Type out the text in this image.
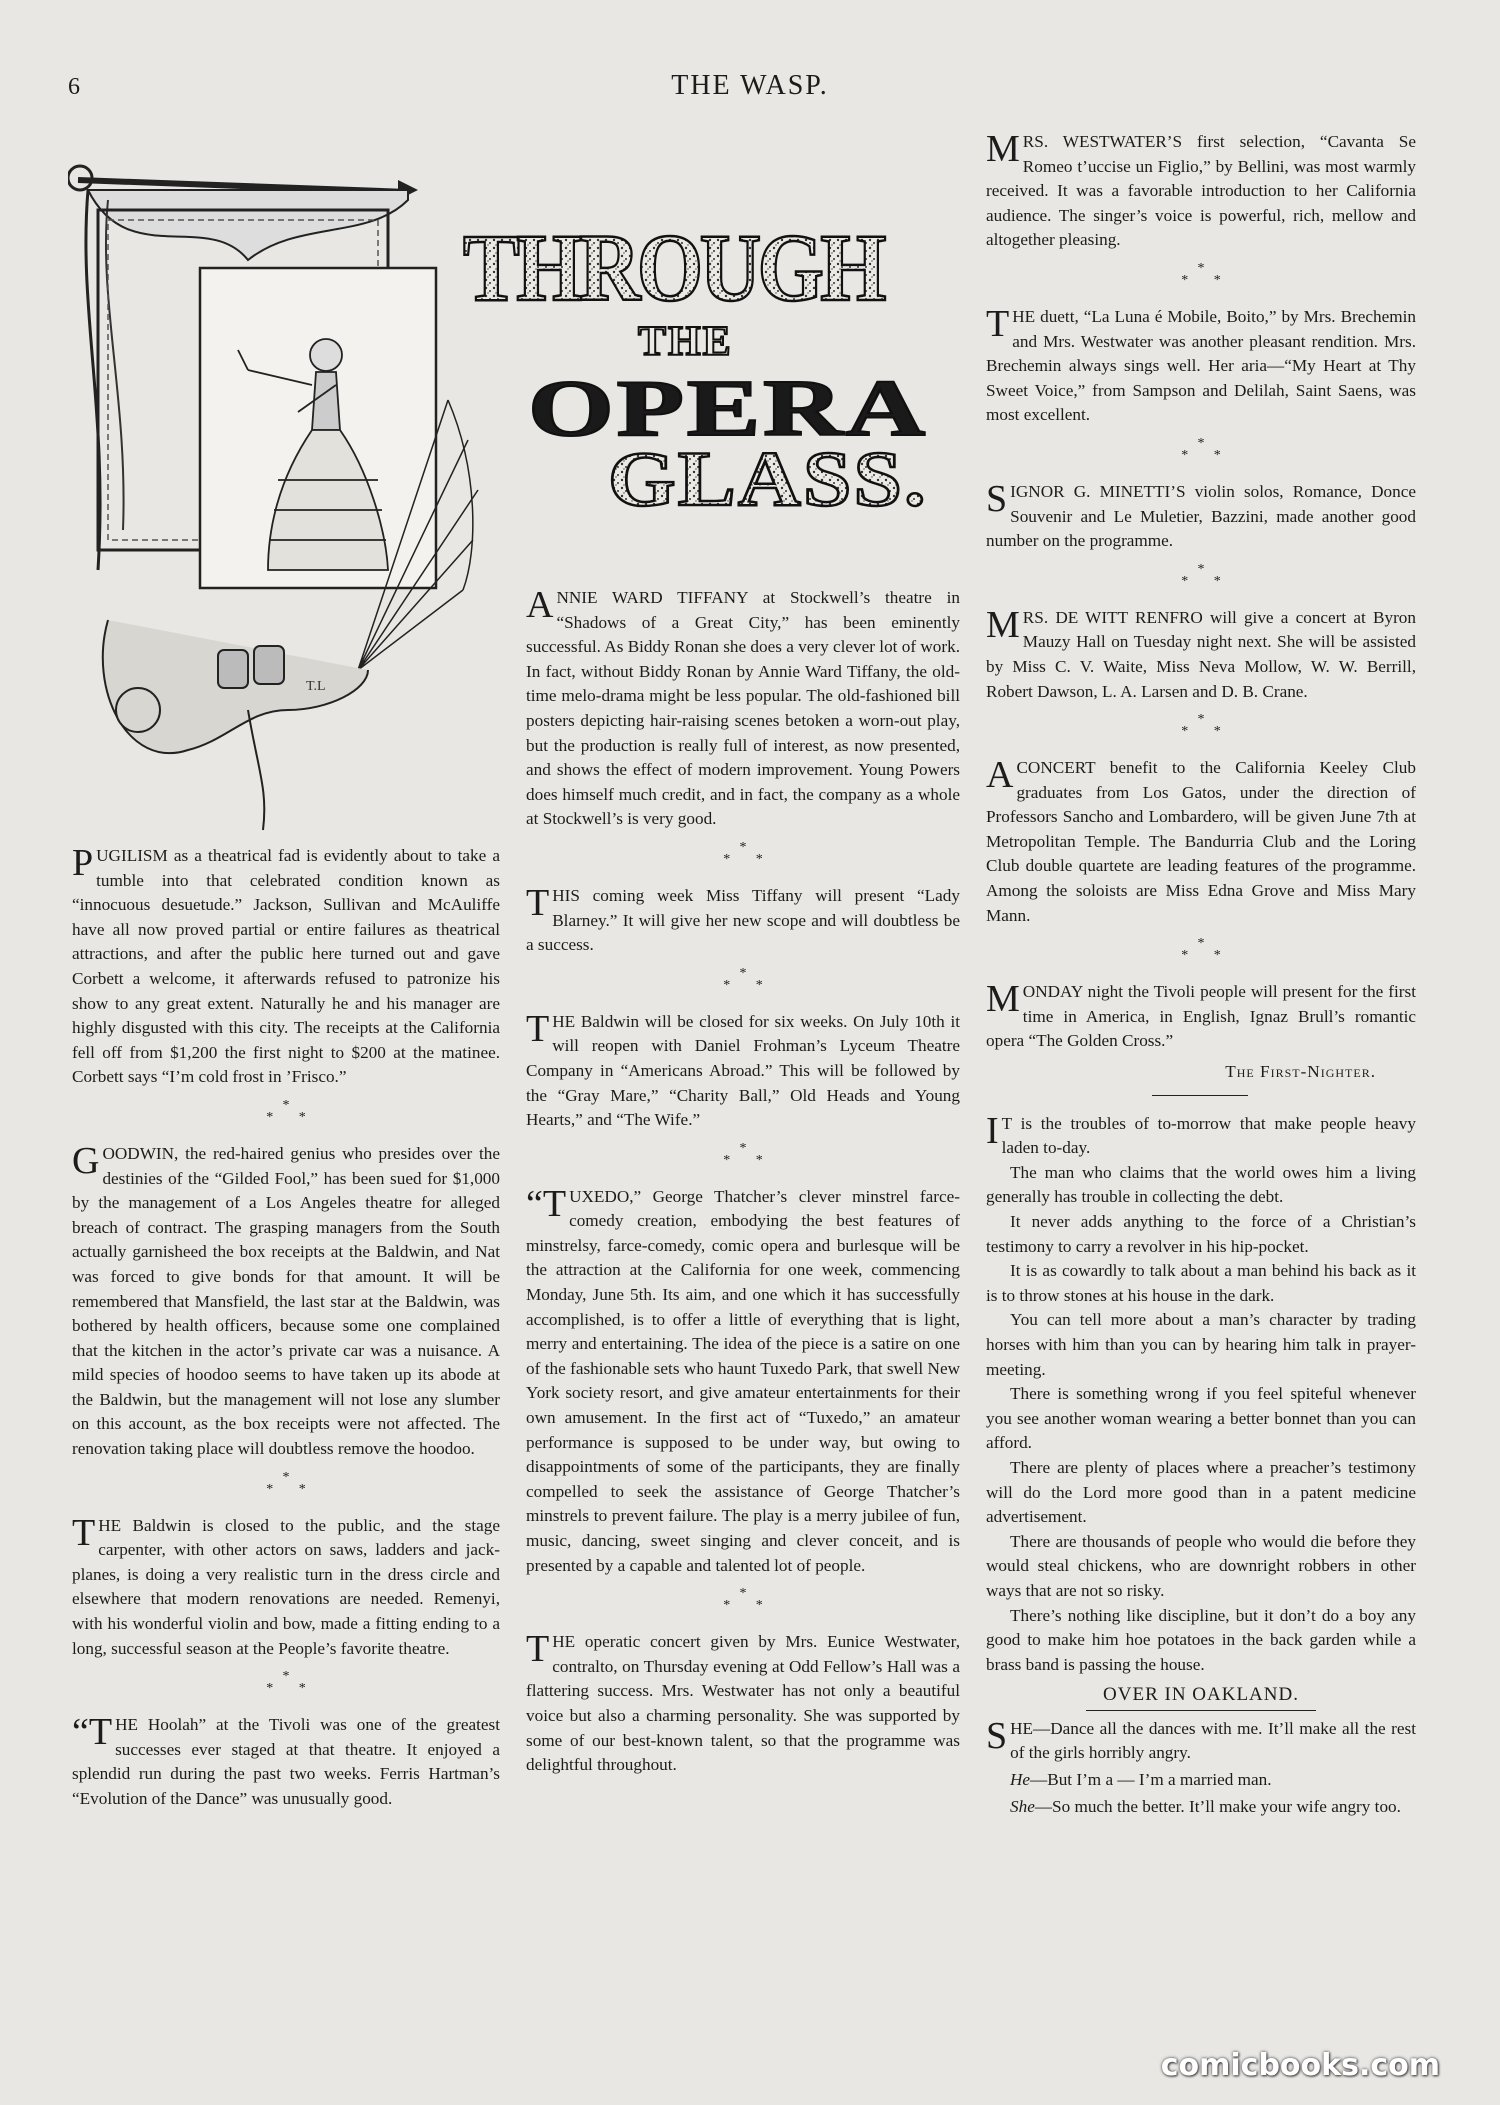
6	THE WASP.
T.L
THROUGH
THE
OPERA
GLASS.

PUGILISM as a theatrical fad is evidently about to take a tumble into that celebrated condition known as “innocuous desuetude.” Jackson, Sullivan and McAuliffe have all now proved partial or entire failures as theatrical attractions, and after the public here turned out and gave Corbett a welcome, it afterwards refused to patronize his show to any great extent. Naturally he and his manager are highly disgusted with this city. The receipts at the California fell off from $1,200 the first night to $200 at the matinee. Corbett says “I’m cold frost in ’Frisco.”

*
* *

GOODWIN, the red-haired genius who presides over the destinies of the “Gilded Fool,” has been sued for $1,000 by the management of a Los Angeles theatre for alleged breach of contract. The grasping managers from the South actually garnisheed the box receipts at the Baldwin, and Nat was forced to give bonds for that amount. It will be remembered that Mansfield, the last star at the Baldwin, was bothered by health officers, because some one complained that the kitchen in the actor’s private car was a nuisance. A mild species of hoodoo seems to have taken up its abode at the Baldwin, but the management will not lose any slumber on this account, as the box receipts were not affected. The renovation taking place will doubtless remove the hoodoo.

*
* *

THE Baldwin is closed to the public, and the stage carpenter, with other actors on saws, ladders and jack-planes, is doing a very realistic turn in the dress circle and elsewhere that modern renovations are needed. Remenyi, with his wonderful violin and bow, made a fitting ending to a long, successful season at the People’s favorite theatre.

*
* *

“THE Hoolah” at the Tivoli was one of the greatest successes ever staged at that theatre. It enjoyed a splendid run during the past two weeks. Ferris Hartman’s “Evolution of the Dance” was unusually good.

ANNIE WARD TIFFANY at Stockwell’s theatre in “Shadows of a Great City,” has been eminently successful. As Biddy Ronan she does a very clever lot of work. In fact, without Biddy Ronan by Annie Ward Tiffany, the old-time melo-drama might be less popular. The old-fashioned bill posters depicting hair-raising scenes betoken a worn-out play, but the production is really full of interest, as now presented, and shows the effect of modern improvement. Young Powers does himself much credit, and in fact, the company as a whole at Stockwell’s is very good.

*
* *

THIS coming week Miss Tiffany will present “Lady Blarney.” It will give her new scope and will doubtless be a success.

*
* *

THE Baldwin will be closed for six weeks. On July 10th it will reopen with Daniel Frohman’s Lyceum Theatre Company in “Americans Abroad.” This will be followed by the “Gray Mare,” “Charity Ball,” Old Heads and Young Hearts,” and “The Wife.”

*
* *

“TUXEDO,” George Thatcher’s clever minstrel farce-comedy creation, embodying the best features of minstrelsy, farce-comedy, comic opera and burlesque will be the attraction at the California for one week, commencing Monday, June 5th. Its aim, and one which it has successfully accomplished, is to offer a little of everything that is light, merry and entertaining. The idea of the piece is a satire on one of the fashionable sets who haunt Tuxedo Park, that swell New York society resort, and give amateur entertainments for their own amusement. In the first act of “Tuxedo,” an amateur performance is supposed to be under way, but owing to disappointments of some of the participants, they are finally compelled to seek the assistance of George Thatcher’s minstrels to prevent failure. The play is a merry jubilee of fun, music, dancing, sweet singing and clever conceit, and is presented by a capable and talented lot of people.

*
* *

THE operatic concert given by Mrs. Eunice Westwater, contralto, on Thursday evening at Odd Fellow’s Hall was a flattering success. Mrs. Westwater has not only a beautiful voice but also a charming personality. She was supported by some of our best-known talent, so that the programme was delightful throughout.

MRS. WESTWATER’S first selection, “Cavanta Se Romeo t’uccise un Figlio,” by Bellini, was most warmly received. It was a favorable introduction to her California audience. The singer’s voice is powerful, rich, mellow and altogether pleasing.

*
* *

THE duett, “La Luna é Mobile, Boito,” by Mrs. Brechemin and Mrs. Westwater was another pleasant rendition. Mrs. Brechemin always sings well. Her aria—“My Heart at Thy Sweet Voice,” from Sampson and Delilah, Saint Saens, was most excellent.

*
* *

SIGNOR G. MINETTI’S violin solos, Romance, Donce Souvenir and Le Muletier, Bazzini, made another good number on the programme.

*
* *

MRS. DE WITT RENFRO will give a concert at Byron Mauzy Hall on Tuesday night next. She will be assisted by Miss C. V. Waite, Miss Neva Mollow, W. W. Berrill, Robert Dawson, L. A. Larsen and D. B. Crane.

*
* *

ACONCERT benefit to the California Keeley Club graduates from Los Gatos, under the direction of Professors Sancho and Lombardero, will be given June 7th at Metropolitan Temple. The Bandurria Club and the Loring Club double quartete are leading features of the programme. Among the soloists are Miss Edna Grove and Miss Mary Mann.

*
* *

MONDAY night the Tivoli people will present for the first time in America, in English, Ignaz Brull’s romantic opera “The Golden Cross.”

The First-Nighter.

IT is the troubles of to-morrow that make people heavy laden to-day.

The man who claims that the world owes him a living generally has trouble in collecting the debt.

It never adds anything to the force of a Christian’s testimony to carry a revolver in his hip-pocket.

It is as cowardly to talk about a man behind his back as it is to throw stones at his house in the dark.

You can tell more about a man’s character by trading horses with him than you can by hearing him talk in prayer-meeting.

There is something wrong if you feel spiteful whenever you see another woman wearing a better bonnet than you can afford.

There are plenty of places where a preacher’s testimony will do the Lord more good than in a patent medicine advertisement.

There are thousands of people who would die before they would steal chickens, who are downright robbers in other ways that are not so risky.

There’s nothing like discipline, but it don’t do a boy any good to make him hoe potatoes in the back garden while a brass band is passing the house.

OVER IN OAKLAND.

SHE—Dance all the dances with me. It’ll make all the rest of the girls horribly angry.

He—But I’m a — I’m a married man.

She—So much the better. It’ll make your wife angry too.

comicbooks.com
